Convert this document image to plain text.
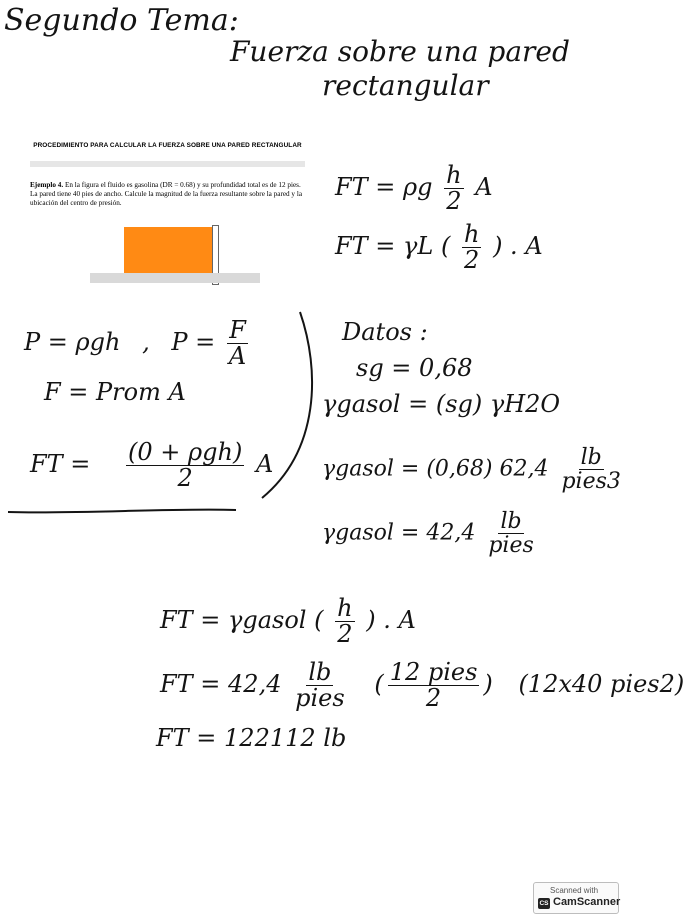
Segundo Tema:
Fuerza sobre una pared
rectangular
PROCEDIMIENTO PARA CALCULAR LA FUERZA SOBRE UNA PARED RECTANGULAR
Ejemplo 4. En la figura el fluido es gasolina (DR = 0.68) y su profundidad total es de 12 pies. La pared tiene 40 pies de ancho. Calcule la magnitud de la fuerza resultante sobre la pared y la ubicación del centro de presión.
FT = ρg $\frac{h}{2}$ A
FT = γL ( $\frac{h}{2}$ ) . A
P = ρgh , $P = \frac{F}{A}$
F = Prom A
FT = $\frac{\text{(0 + ρgh)}}{2}$ A
Datos :
sg = 0,68
γgasol = (sg) γH2O
γgasol = (0,68) $62,4 \frac{lb}{\text{pies3}}$
γgasol = $42,4 \frac{lb}{\text{pies}}$
FT = γgasol ( $\frac{h}{2}$ ) . A
FT = $42,4 \frac{lb}{\text{pies}}$ ( $\frac{\text{12 pies}}{2}$ ) (12x40 pies2)
FT = 122112 lb
Scanned with
CS CamScanner
